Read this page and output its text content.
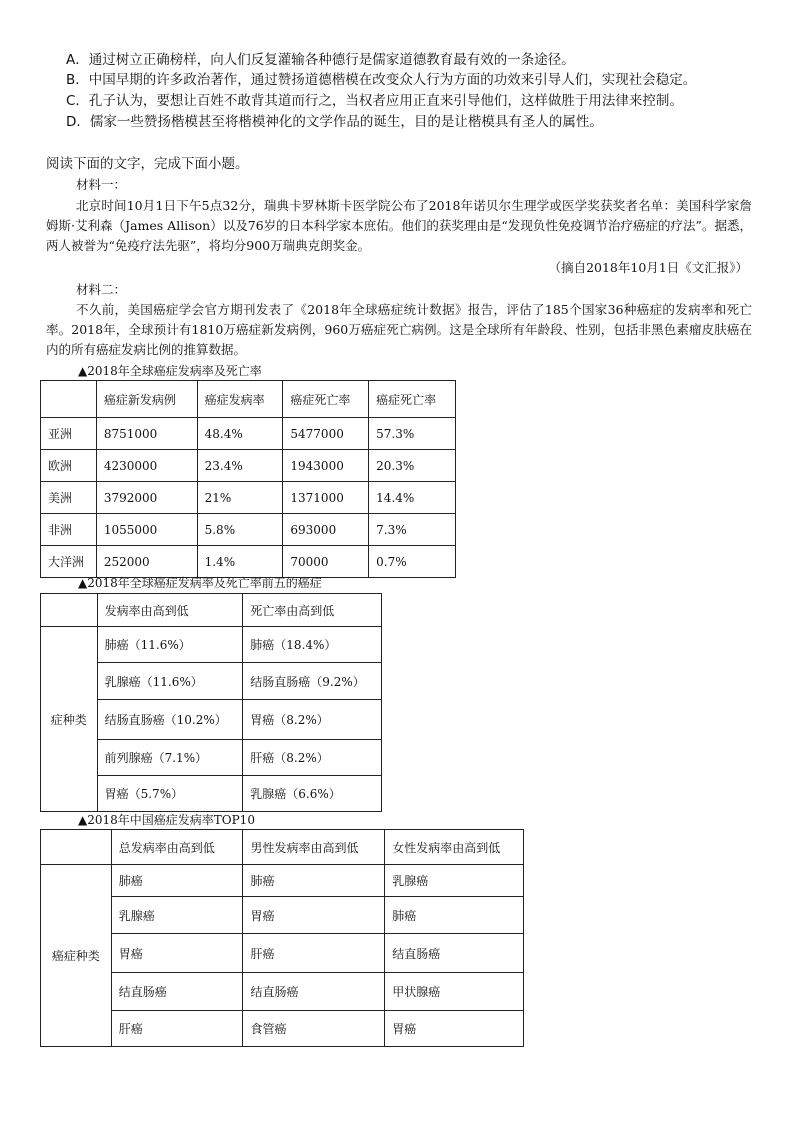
A．通过树立正确榜样，向人们反复灌输各种德行是儒家道德教育最有效的一条途径。
B．中国早期的许多政治著作，通过赞扬道德楷模在改变众人行为方面的功效来引导人们，实现社会稳定。
C．孔子认为，要想让百姓不敢背其道而行之，当权者应用正直来引导他们，这样做胜于用法律来控制。
D．儒家一些赞扬楷模甚至将楷模神化的文学作品的诞生，目的是让楷模具有圣人的属性。
阅读下面的文字，完成下面小题。
材料一：
北京时间10月1日下午5点32分，瑞典卡罗林斯卡医学院公布了2018年诺贝尔生理学或医学奖获奖者名单：美国科学家詹姆斯·艾利森（James Allison）以及76岁的日本科学家本庶佑。他们的获奖理由是“发现负性免疫调节治疗癌症的疗法”。据悉，两人被誉为“免疫疗法先驱”，将均分900万瑞典克朗奖金。
（摘自2018年10月1日《文汇报》）
材料二：
不久前，美国癌症学会官方期刊发表了《2018年全球癌症统计数据》报告，评估了185个国家36种癌症的发病率和死亡率。2018年，全球预计有1810万癌症新发病例，960万癌症死亡病例。这是全球所有年龄段、性别，包括非黑色素瘤皮肤癌在内的所有癌症发病比例的推算数据。
▲2018年全球癌症发病率及死亡率
	癌症新发病例	癌症发病率	癌症死亡率	癌症死亡率
亚洲	8751000	48.4%	5477000	57.3%
欧洲	4230000	23.4%	1943000	20.3%
美洲	3792000	21%	1371000	14.4%
非洲	1055000	5.8%	693000	7.3%
大洋洲	252000	1.4%	70000	0.7%
▲2018年全球癌症发病率及死亡率前五的癌症
	发病率由高到低	死亡率由高到低
症种类	肺癌（11.6%）	肺癌（18.4%）
	乳腺癌（11.6%）	结肠直肠癌（9.2%）
	结肠直肠癌（10.2%）	胃癌（8.2%）
	前列腺癌（7.1%）	肝癌（8.2%）
	胃癌（5.7%）	乳腺癌（6.6%）
▲2018年中国癌症发病率TOP10
	总发病率由高到低	男性发病率由高到低	女性发病率由高到低
癌症种类	肺癌	肺癌	乳腺癌
	乳腺癌	胃癌	肺癌
	胃癌	肝癌	结直肠癌
	结直肠癌	结直肠癌	甲状腺癌
	肝癌	食管癌	胃癌
